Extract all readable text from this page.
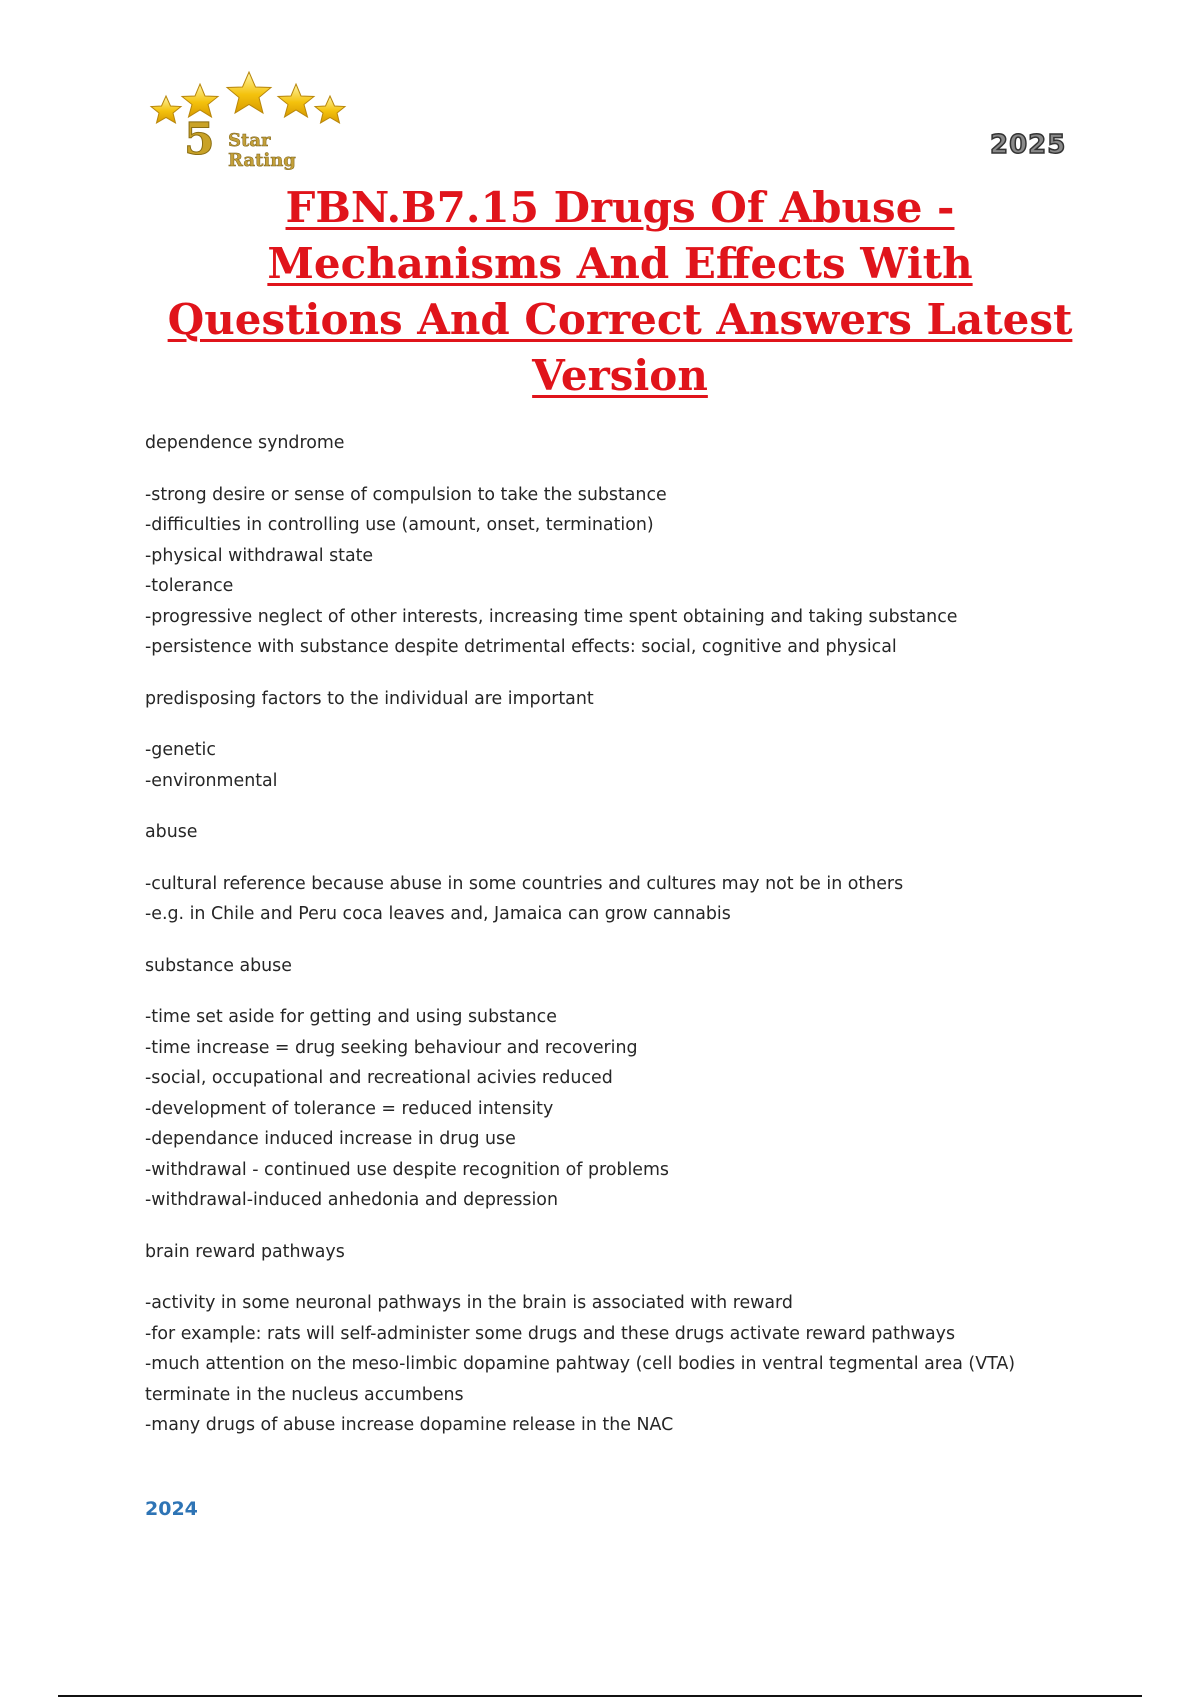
5 Star
Rating
2025
FBN.B7.15 Drugs Of Abuse - Mechanisms And Effects With Questions And Correct Answers Latest Version

dependence syndrome

-strong desire or sense of compulsion to take the substance
-difficulties in controlling use (amount, onset, termination)
-physical withdrawal state
-tolerance
-progressive neglect of other interests, increasing time spent obtaining and taking substance
-persistence with substance despite detrimental effects: social, cognitive and physical

predisposing factors to the individual are important

-genetic
-environmental

abuse

-cultural reference because abuse in some countries and cultures may not be in others
-e.g. in Chile and Peru coca leaves and, Jamaica can grow cannabis

substance abuse

-time set aside for getting and using substance
-time increase = drug seeking behaviour and recovering
-social, occupational and recreational acivies reduced
-development of tolerance = reduced intensity
-dependance induced increase in drug use
-withdrawal - continued use despite recognition of problems
-withdrawal-induced anhedonia and depression

brain reward pathways

-activity in some neuronal pathways in the brain is associated with reward
-for example: rats will self-administer some drugs and these drugs activate reward pathways
-much attention on the meso-limbic dopamine pahtway (cell bodies in ventral tegmental area (VTA) terminate in the nucleus accumbens
-many drugs of abuse increase dopamine release in the NAC
2024
